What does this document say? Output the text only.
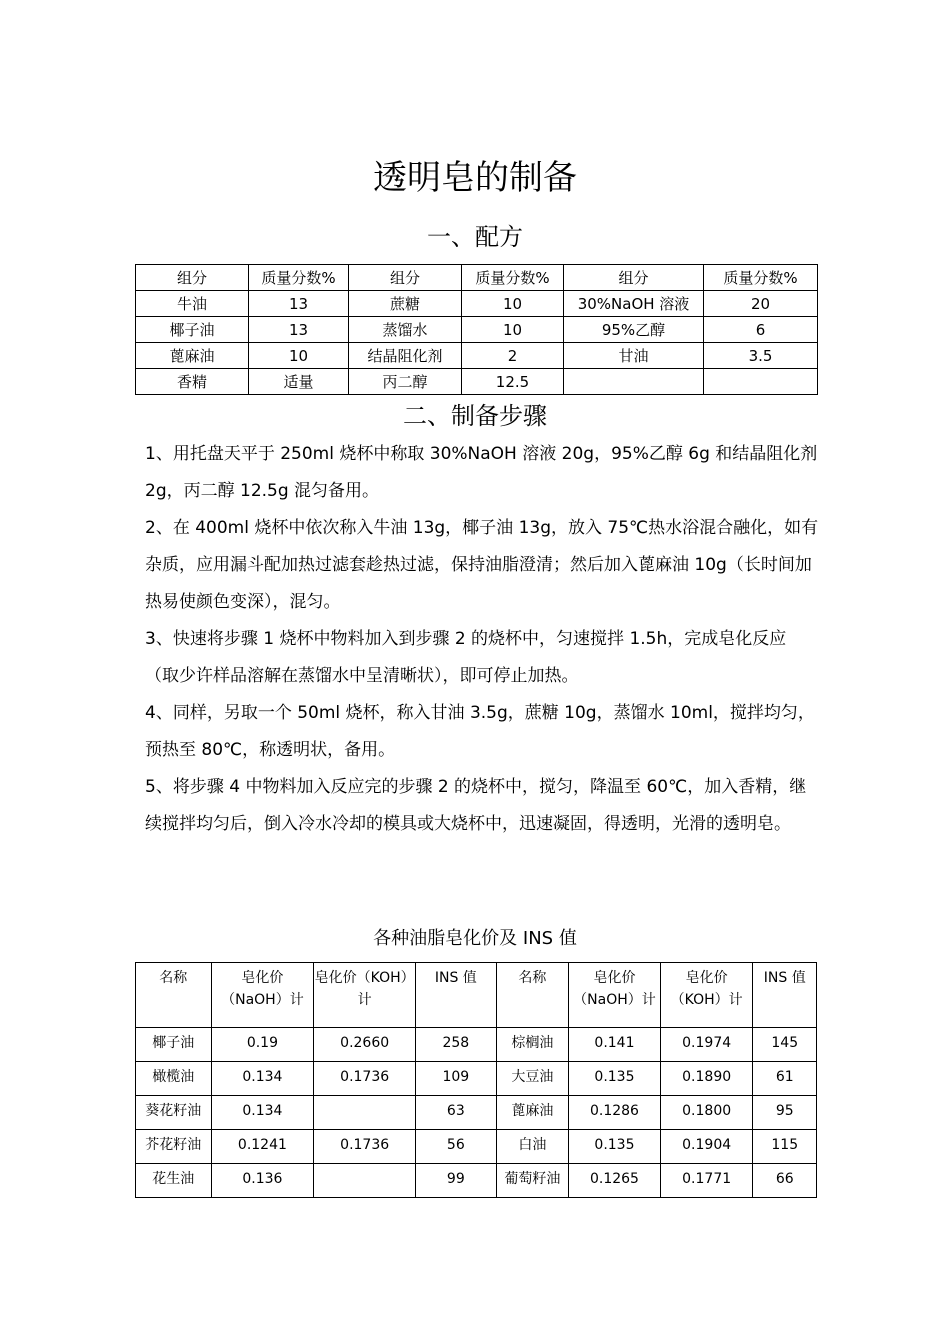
透明皂的制备
一、配方
组分	质量分数%	组分	质量分数%	组分	质量分数%
牛油	13	蔗糖	10	30%NaOH 溶液	20
椰子油	13	蒸馏水	10	95%乙醇	6
蓖麻油	10	结晶阻化剂	2	甘油	3.5
香精	适量	丙二醇	12.5		
二、制备步骤

1、用托盘天平于 250ml 烧杯中称取 30%NaOH 溶液 20g，95%乙醇 6g 和结晶阻化剂 2g，丙二醇 12.5g 混匀备用。

2、在 400ml 烧杯中依次称入牛油 13g，椰子油 13g，放入 75℃热水浴混合融化，如有杂质，应用漏斗配加热过滤套趁热过滤，保持油脂澄清；然后加入蓖麻油 10g（长时间加热易使颜色变深），混匀。

3、快速将步骤 1 烧杯中物料加入到步骤 2 的烧杯中，匀速搅拌 1.5h，完成皂化反应（取少许样品溶解在蒸馏水中呈清晰状），即可停止加热。

4、同样，另取一个 50ml 烧杯，称入甘油 3.5g，蔗糖 10g，蒸馏水 10ml，搅拌均匀，预热至 80℃，称透明状，备用。

5、将步骤 4 中物料加入反应完的步骤 2 的烧杯中，搅匀，降温至 60℃，加入香精，继续搅拌均匀后，倒入冷水冷却的模具或大烧杯中，迅速凝固，得透明，光滑的透明皂。

各种油脂皂化价及 INS 值
名称	皂化价（NaOH）计	皂化价（KOH）计	INS 值	名称	皂化价（NaOH）计	皂化价（KOH）计	INS 值
椰子油	0.19	0.2660	258	棕榈油	0.141	0.1974	145
橄榄油	0.134	0.1736	109	大豆油	0.135	0.1890	61
葵花籽油	0.134		63	蓖麻油	0.1286	0.1800	95
芥花籽油	0.1241	0.1736	56	白油	0.135	0.1904	115
花生油	0.136		99	葡萄籽油	0.1265	0.1771	66
